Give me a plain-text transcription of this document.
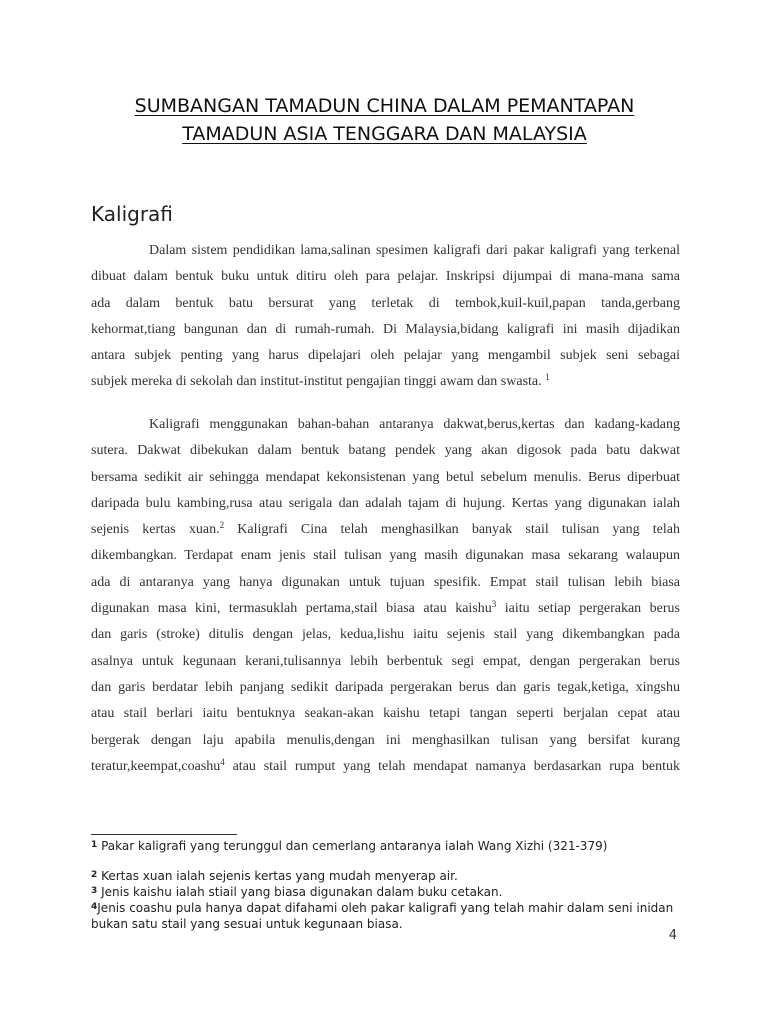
SUMBANGAN TAMADUN CHINA DALAM PEMANTAPAN
TAMADUN ASIA TENGGARA DAN MALAYSIA
Kaligrafi
Dalam sistem pendidikan lama,salinan spesimen kaligrafi dari pakar kaligrafi yang terkenal
dibuat dalam bentuk buku untuk ditiru oleh para pelajar. Inskripsi dijumpai di mana-mana sama
ada dalam bentuk batu bersurat yang terletak di tembok,kuil-kuil,papan tanda,gerbang
kehormat,tiang bangunan dan di rumah-rumah. Di Malaysia,bidang kaligrafi ini masih dijadikan
antara subjek penting yang harus dipelajari oleh pelajar yang mengambil subjek seni sebagai
subjek mereka di sekolah dan institut-institut pengajian tinggi awam dan swasta. $^1$
Kaligrafi menggunakan bahan-bahan antaranya dakwat,berus,kertas dan kadang-kadang
sutera. Dakwat dibekukan dalam bentuk batang pendek yang akan digosok pada batu dakwat
bersama sedikit air sehingga mendapat kekonsistenan yang betul sebelum menulis. Berus diperbuat
daripada bulu kambing,rusa atau serigala dan adalah tajam di hujung. Kertas yang digunakan ialah
sejenis kertas xuan.$^2$ Kaligrafi Cina telah menghasilkan banyak stail tulisan yang telah
dikembangkan. Terdapat enam jenis stail tulisan yang masih digunakan masa sekarang walaupun
ada di antaranya yang hanya digunakan untuk tujuan spesifik. Empat stail tulisan lebih biasa
digunakan masa kini, termasuklah pertama,stail biasa atau kaishu$^3$ iaitu setiap pergerakan berus
dan garis (stroke) ditulis dengan jelas, kedua,lishu iaitu sejenis stail yang dikembangkan pada
asalnya untuk kegunaan kerani,tulisannya lebih berbentuk segi empat, dengan pergerakan berus
dan garis berdatar lebih panjang sedikit daripada pergerakan berus dan garis tegak,ketiga, xingshu
atau stail berlari iaitu bentuknya seakan-akan kaishu tetapi tangan seperti berjalan cepat atau
bergerak dengan laju apabila menulis,dengan ini menghasilkan tulisan yang bersifat kurang
teratur,keempat,coashu$^4$ atau stail rumput yang telah mendapat namanya berdasarkan rupa bentuk
$^1$ Pakar kaligrafi yang terunggul dan cemerlang antaranya ialah Wang Xizhi (321-379)
$^2$ Kertas xuan ialah sejenis kertas yang mudah menyerap air.
$^3$ Jenis kaishu ialah stiail yang biasa digunakan dalam buku cetakan.
$^4$Jenis coashu pula hanya dapat difahami oleh pakar kaligrafi yang telah mahir dalam seni inidan bukan satu stail yang sesuai untuk kegunaan biasa.
4
